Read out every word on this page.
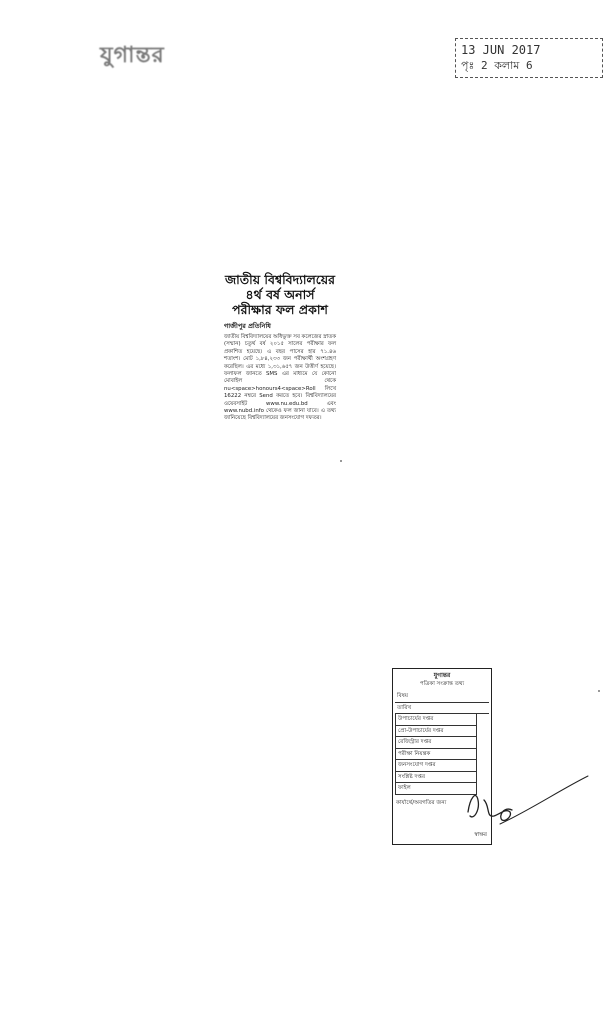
যুগান্তর	13 JUN 2017
পৃঃ 2 কলাম 6
জাতীয় বিশ্ববিদ্যালয়ের ৪র্থ বর্ষ অনার্স পরীক্ষার ফল প্রকাশ
গাজীপুর প্রতিনিধি

জাতীয় বিশ্ববিদ্যালয়ের অধিভুক্ত সব কলেজের স্নাতক (সম্মান) চতুর্থ বর্ষ ২০১৫ সালের পরীক্ষার ফল প্রকাশিত হয়েছে। এ বছর পাসের হার ৭১.৪৬ শতাংশ। মোট ১,৮৪,২৩৩ জন পরীক্ষার্থী অংশগ্রহণ করেছিল। এর মধ্যে ১,৩১,৬৫৭ জন উত্তীর্ণ হয়েছে। ফলাফল জানতে SMS এর মাধ্যমে যে কোনো মোবাইল থেকে nu<space>honours4<space>Roll লিখে 16222 নম্বরে Send করতে হবে। বিশ্ববিদ্যালয়ের ওয়েবসাইট www.nu.edu.bd এবং www.nubd.info থেকেও ফল জানা যাবে। এ তথ্য জানিয়েছে বিশ্ববিদ্যালয়ের জনসংযোগ দফতর।

যুগান্তর
পত্রিকা সংক্রান্ত তথ্য
বিষয়
তারিখ
উপাচার্যের দপ্তর
প্রো-উপাচার্যের দপ্তর
রেজিস্ট্রার দপ্তর
পরীক্ষা নিয়ন্ত্রক
জনসংযোগ দপ্তর
সংশ্লিষ্ট দপ্তর
ফাইল
কার্যার্থে/অবগতির জন্য
স্বাক্ষর
